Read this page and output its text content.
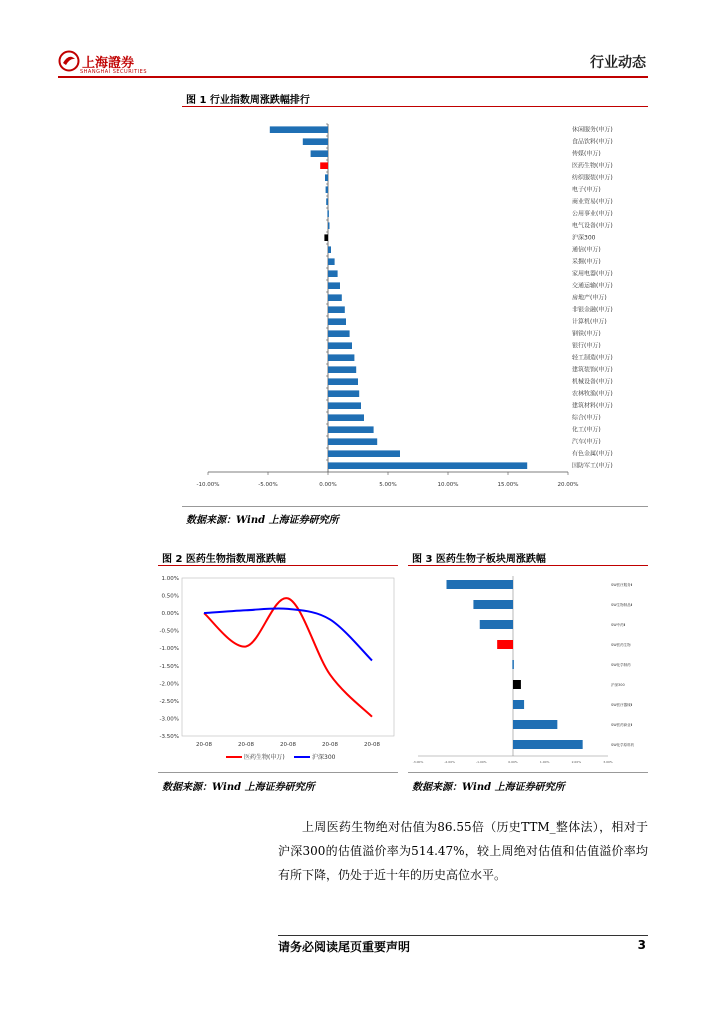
上海證券
SHANGHAI SECURITIES
行业动态
图 1 行业指数周涨跌幅排行
休闲服务(申万)
食品饮料(申万)
传媒(申万)
医药生物(申万)
纺织服装(申万)
电子(申万)
商业贸易(申万)
公用事业(申万)
电气设备(申万)
沪深300
通信(申万)
采掘(申万)
家用电器(申万)
交通运输(申万)
房地产(申万)
非银金融(申万)
计算机(申万)
钢铁(申万)
银行(申万)
轻工制造(申万)
建筑装饰(申万)
机械设备(申万)
农林牧渔(申万)
建筑材料(申万)
综合(申万)
化工(申万)
汽车(申万)
有色金属(申万)
国防军工(申万)
-10.00%	-5.00%	0.00%	5.00%	10.00%	15.00%	20.00%
数据来源：Wind 上海证券研究所
图 2 医药生物指数周涨跌幅
1.00%
0.50%
0.00%
-0.50%
-1.00%
-1.50%
-2.00%
-2.50%
-3.00%
-3.50%
20-08	20-08	20-08	20-08	20-08
医药生物(申万)	沪深300
数据来源：Wind 上海证券研究所
图 3 医药生物子板块周涨跌幅
SW医疗服务Ⅱ
SW生物制品Ⅱ
SW中药Ⅱ
SW医药生物
SW化学制药
沪深300
SW医疗器械Ⅱ
SW医药商业Ⅱ
SW化学原料药
-3.00%	-2.00%	-1.00%	0.00%	1.00%	2.00%	3.00%
数据来源：Wind 上海证券研究所
上周医药生物绝对估值为86.55倍（历史TTM_整体法），相对于沪深300的估值溢价率为514.47%，较上周绝对估值和估值溢价率均有所下降，仍处于近十年的历史高位水平。
请务必阅读尾页重要声明	3
